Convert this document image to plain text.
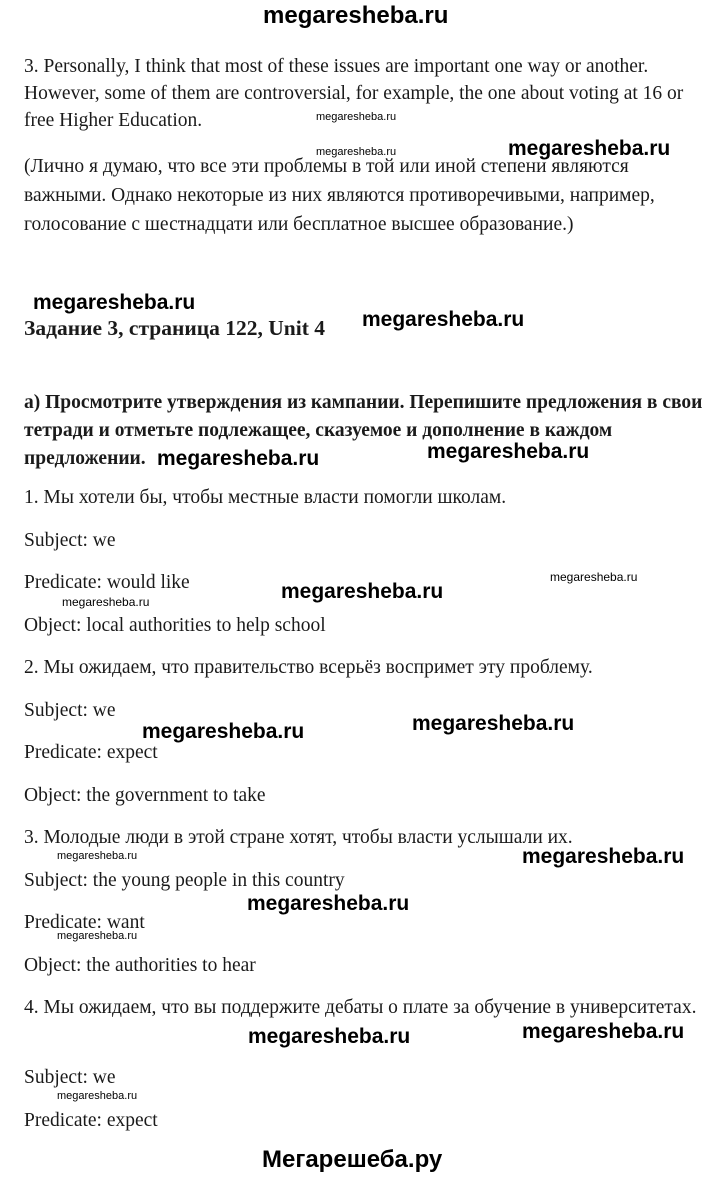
megaresheba.ru

3. Personally, I think that most of these issues are important one way or another. However, some of them are controversial, for example, the one about voting at 16 or free Higher Education.

(Лично я думаю, что все эти проблемы в той или иной степени являются важными. Однако некоторые из них являются противоречивыми, например, голосование с шестнадцати или бесплатное высшее образование.)

Задание 3, страница 122, Unit 4

а) Просмотрите утверждения из кампании. Перепишите предложения в свои тетради и отметьте подлежащее, сказуемое и дополнение в каждом предложении.

1. Мы хотели бы, чтобы местные власти помогли школам.
Subject: we
Predicate: would like
Object: local authorities to help school
2. Мы ожидаем, что правительство всерьёз воспримет эту проблему.
Subject: we
Predicate: expect
Object: the government to take
3. Молодые люди в этой стране хотят, чтобы власти услышали их.
Subject: the young people in this country
Predicate: want
Object: the authorities to hear

4. Мы ожидаем, что вы поддержите дебаты о плате за обучение в университетах.

Subject: we
Predicate: expect
megaresheba.ru
megaresheba.ru
megaresheba.ru
megaresheba.ru
megaresheba.ru
megaresheba.ru	megaresheba.ru
megaresheba.ru
megaresheba.ru
megaresheba.ru
megaresheba.ru	megaresheba.ru
megaresheba.ru	megaresheba.ru
megaresheba.ru
megaresheba.ru
megaresheba.ru	megaresheba.ru
megaresheba.ru
Мегарешеба.ру
